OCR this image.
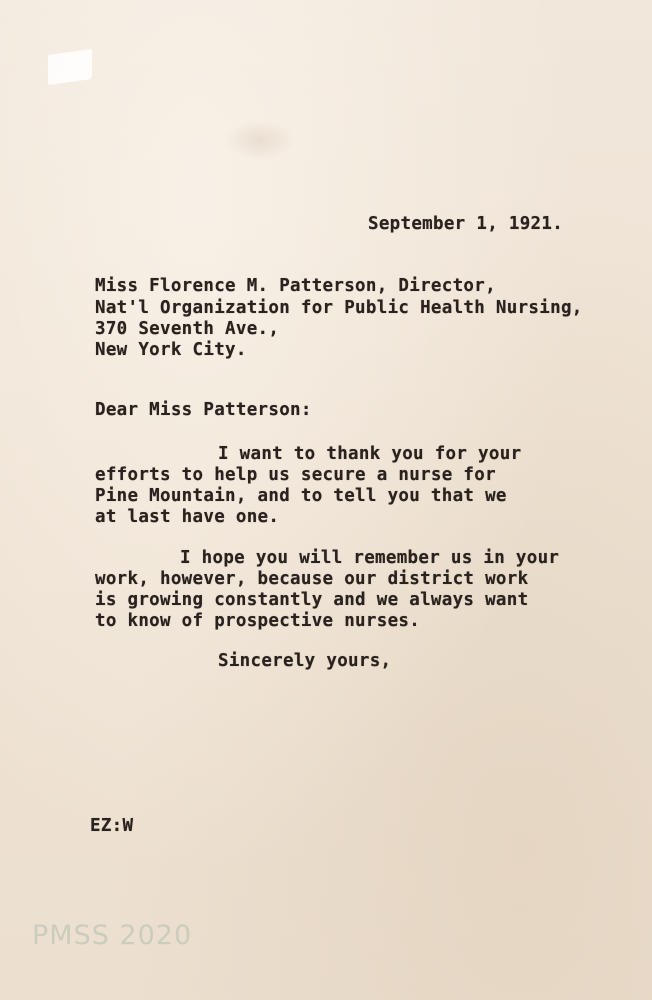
September 1, 1921.
Miss Florence M. Patterson, Director,
Nat'l Organization for Public Health Nursing,
370 Seventh Ave.,
New York City.
Dear Miss Patterson:
I want to thank you for your
efforts to help us secure a nurse for
Pine Mountain, and to tell you that we
at last have one.
I hope you will remember us in your
work, however, because our district work
is growing constantly and we always want
to know of prospective nurses.
Sincerely yours,
EZ:W
PMSS 2020
